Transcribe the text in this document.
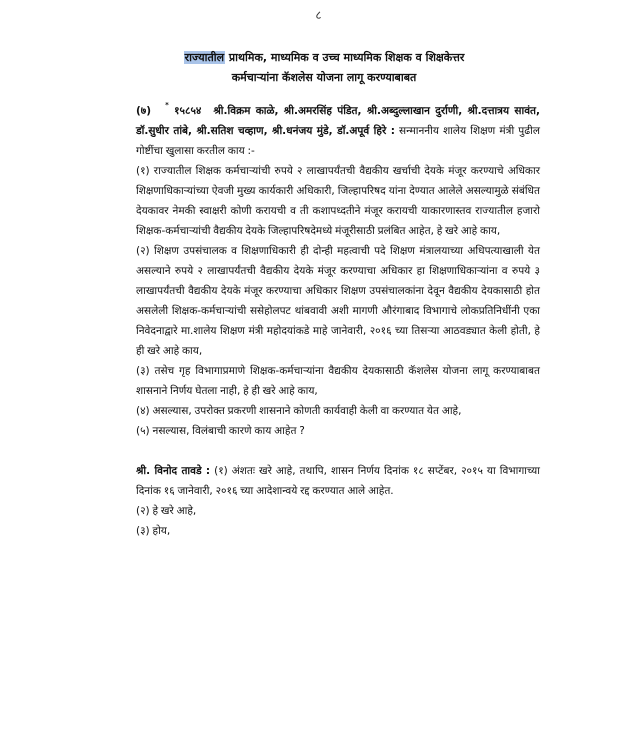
८
राज्यातील प्राथमिक, माध्यमिक व उच्च माध्यमिक शिक्षक व शिक्षकेत्तर
कर्मचाऱ्यांना कॅशलेस योजना लागू करण्याबाबत

(७) * १५८५४ श्री.विक्रम काळे, श्री.अमरसिंह पंडित, श्री.अब्दुल्लाखान दुर्राणी, श्री.दत्तात्रय सावंत, डॉ.सुधीर तांबे, श्री.सतिश चव्हाण, श्री.धनंजय मुंडे, डॉ.अपूर्व हिरे : सन्माननीय शालेय शिक्षण मंत्री पुढील गोष्टींचा खुलासा करतील काय :-

(१) राज्यातील शिक्षक कर्मचाऱ्यांची रुपये २ लाखापर्यंतची वैद्यकीय खर्चाची देयके मंजूर करण्याचे अधिकार शिक्षणाधिकाऱ्यांच्या ऐवजी मुख्य कार्यकारी अधिकारी, जिल्हापरिषद यांना देण्यात आलेले असल्यामुळे संबंधित देयकावर नेमकी स्वाक्षरी कोणी करायची व ती कशापध्दतीने मंजूर करायची याकारणास्तव राज्यातील हजारो शिक्षक-कर्मचाऱ्यांची वैद्यकीय देयके जिल्हापरिषदेमध्ये मंजूरीसाठी प्रलंबित आहेत, हे खरे आहे काय,

(२) शिक्षण उपसंचालक व शिक्षणाधिकारी ही दोन्ही महत्वाची पदे शिक्षण मंत्रालयाच्या अधिपत्याखाली येत असल्याने रुपये २ लाखापर्यंतची वैद्यकीय देयके मंजूर करण्याचा अधिकार हा शिक्षणाधिकाऱ्यांना व रुपये ३ लाखापर्यंतची वैद्यकीय देयके मंजूर करण्याचा अधिकार शिक्षण उपसंचालकांना देवून वैद्यकीय देयकासाठी होत असलेली शिक्षक-कर्मचाऱ्यांची ससेहोलपट थांबवावी अशी मागणी औरंगाबाद विभागाचे लोकप्रतिनिधींनी एका निवेदनाद्वारे मा.शालेय शिक्षण मंत्री महोदयांकडे माहे जानेवारी, २०१६ च्या तिसऱ्या आठवड्यात केली होती, हे ही खरे आहे काय,

(३) तसेच गृह विभागाप्रमाणे शिक्षक-कर्मचाऱ्यांना वैद्यकीय देयकासाठी कॅशलेस योजना लागू करण्याबाबत शासनाने निर्णय घेतला नाही, हे ही खरे आहे काय,

(४) असल्यास, उपरोक्त प्रकरणी शासनाने कोणती कार्यवाही केली वा करण्यात येत आहे,

(५) नसल्यास, विलंबाची कारणे काय आहेत ?

श्री. विनोद तावडे : (१) अंशतः खरे आहे, तथापि, शासन निर्णय दिनांक १८ सप्टेंबर, २०१५ या विभागाच्या दिनांक १६ जानेवारी, २०१६ च्या आदेशान्वये रद्द करण्यात आले आहेत.

(२) हे खरे आहे,

(३) होय,
